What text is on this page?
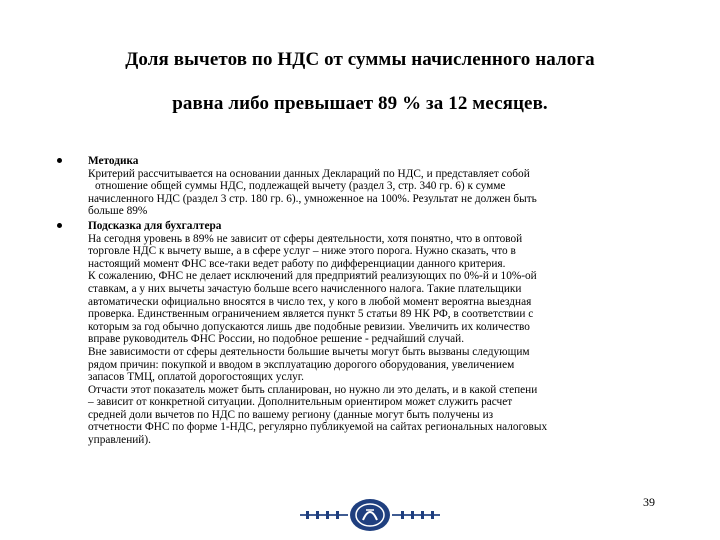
Доля вычетов по НДС от суммы начисленного налога
равна либо превышает 89 % за 12 месяцев.

Методика

Критерий рассчитывается на основании данных Деклараций по НДС, и представляет собой

отношение общей суммы НДС, подлежащей вычету (раздел 3, стр. 340 гр. 6) к сумме

начисленного НДС (раздел 3 стр. 180 гр. 6)., умноженное на 100%. Результат не должен быть

больше 89%

Подсказка для бухгалтера

На сегодня уровень в 89% не зависит от сферы деятельности, хотя понятно, что в оптовой

торговле НДС к вычету выше, а в сфере услуг – ниже этого порога. Нужно сказать, что в

настоящий момент ФНС все-таки ведет работу по дифференциации данного критерия.

К сожалению, ФНС не делает исключений для предприятий реализующих по 0%-й и 10%-ой

ставкам, а у них вычеты зачастую больше всего начисленного налога. Такие плательщики

автоматически официально вносятся в число тех, у кого в любой момент вероятна выездная

проверка. Единственным ограничением является пункт 5 статьи 89 НК РФ, в соответствии с

которым за год обычно допускаются лишь две подобные ревизии. Увеличить их количество

вправе руководитель ФНС России, но подобное решение - редчайший случай.

Вне зависимости от сферы деятельности большие вычеты могут быть вызваны следующим

рядом причин: покупкой и вводом в эксплуатацию дорогого оборудования, увеличением

запасов ТМЦ, оплатой дорогостоящих услуг.

Отчасти этот показатель может быть спланирован, но нужно ли это делать, и в какой степени

– зависит от конкретной ситуации. Дополнительным ориентиром может служить расчет

средней доли вычетов по НДС по вашему региону (данные могут быть получены из

отчетности ФНС по форме 1-НДС, регулярно публикуемой на сайтах региональных налоговых

управлений).

39
